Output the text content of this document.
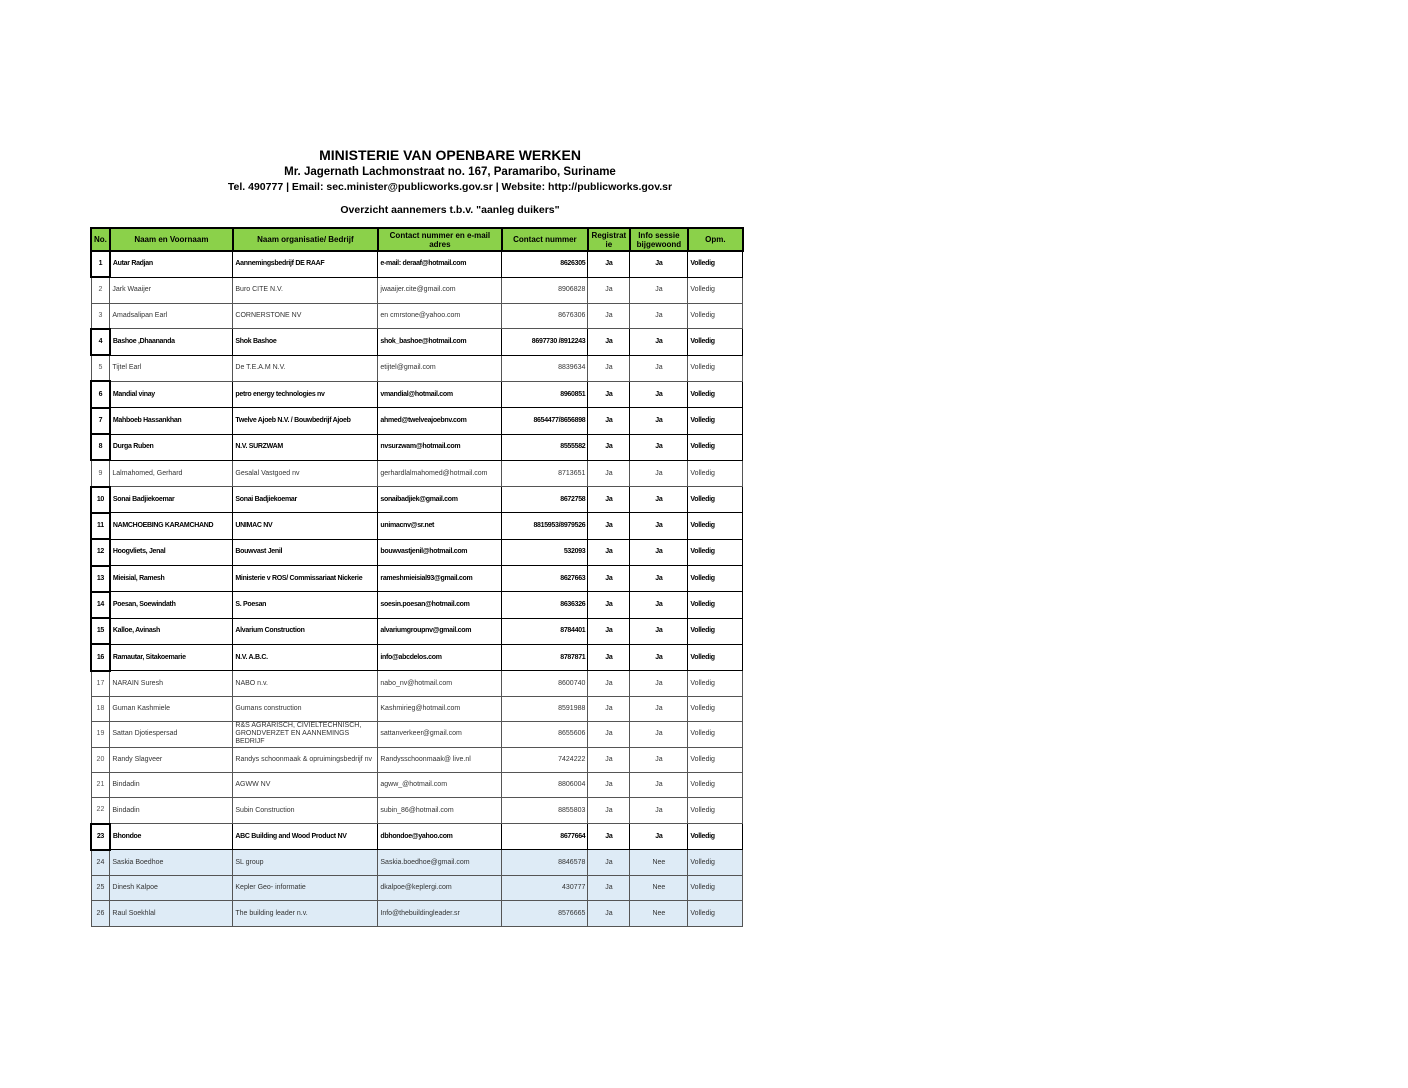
MINISTERIE VAN OPENBARE WERKEN

Mr. Jagernath Lachmonstraat no. 167, Paramaribo, Suriname

Tel. 490777 | Email: sec.minister@publicworks.gov.sr | Website: http://publicworks.gov.sr

Overzicht aannemers t.b.v. "aanleg duikers"

No.	Naam en Voornaam	Naam organisatie/ Bedrijf	Contact nummer en e-mail adres	Contact nummer	Registrat ie	Info sessie bijgewoond	Opm.
1	Autar Radjan	Aannemingsbedrijf DE RAAF	e-mail: deraaf@hotmail.com	8626305	Ja	Ja	Volledig
2	Jark Waaijer	Buro CITE N.V.	jwaaijer.cite@gmail.com	8906828	Ja	Ja	Volledig
3	Amadsalipan Earl	CORNERSTONE NV	en cmrstone@yahoo.com	8676306	Ja	Ja	Volledig
4	Bashoe ,Dhaananda	Shok Bashoe	shok_bashoe@hotmail.com	8697730 /8912243	Ja	Ja	Volledig
5	Tijtel Earl	De T.E.A.M N.V.	etijtel@gmail.com	8839634	Ja	Ja	Volledig
6	Mandial vinay	petro energy technologies nv	vmandial@hotmail.com	8960851	Ja	Ja	Volledig
7	Mahboeb Hassankhan	Twelve Ajoeb N.V. / Bouwbedrijf Ajoeb	ahmed@twelveajoebnv.com	8654477/8656898	Ja	Ja	Volledig
8	Durga Ruben	N.V. SURZWAM	nvsurzwam@hotmail.com	8555582	Ja	Ja	Volledig
9	Lalmahomed, Gerhard	Gesalal Vastgoed nv	gerhardlalmahomed@hotmail.com	8713651	Ja	Ja	Volledig
10	Sonai Badjiekoemar	Sonai Badjiekoemar	sonaibadjiek@gmail.com	8672758	Ja	Ja	Volledig
11	NAMCHOEBING KARAMCHAND	UNIMAC NV	unimacnv@sr.net	8815953/8979526	Ja	Ja	Volledig
12	Hoogvliets, Jenal	Bouwvast Jenil	bouwvastjenil@hotmail.com	532093	Ja	Ja	Volledig
13	Mieisial, Ramesh	Ministerie v ROS/ Commissariaat Nickerie	rameshmieisial93@gmail.com	8627663	Ja	Ja	Volledig
14	Poesan, Soewindath	S. Poesan	soesin.poesan@hotmail.com	8636326	Ja	Ja	Volledig
15	Kalloe, Avinash	Alvarium Construction	alvariumgroupnv@gmail.com	8784401	Ja	Ja	Volledig
16	Ramautar, Sitakoemarie	N.V. A.B.C.	info@abcdelos.com	8787871	Ja	Ja	Volledig
17	NARAIN Suresh	NABO n.v.	nabo_nv@hotmail.com	8600740	Ja	Ja	Volledig
18	Guman Kashmiele	Gumans construction	Kashmirieg@hotmail.com	8591988	Ja	Ja	Volledig
19	Sattan Djotiespersad	R&S AGRARISCH, CIVIELTECHNISCH, GRONDVERZET EN AANNEMINGS BEDRIJF	sattanverkeer@gmail.com	8655606	Ja	Ja	Volledig
20	Randy Slagveer	Randys schoonmaak & opruimingsbedrijf nv	Randysschoonmaak@ live.nl	7424222	Ja	Ja	Volledig
21	Bindadin	AGWW NV	agww_@hotmail.com	8806004	Ja	Ja	Volledig
22	Bindadin	Subin Construction	subin_86@hotmail.com	8855803	Ja	Ja	Volledig
23	Bhondoe	ABC Building and Wood Product NV	dbhondoe@yahoo.com	8677664	Ja	Ja	Volledig
24	Saskia Boedhoe	SL group	Saskia.boedhoe@gmail.com	8846578	Ja	Nee	Volledig
25	Dinesh Kalpoe	Kepler Geo- informatie	dkalpoe@keplergi.com	430777	Ja	Nee	Volledig
26	Raul Soekhlal	The building leader n.v.	Info@thebuildingleader.sr	8576665	Ja	Nee	Volledig
